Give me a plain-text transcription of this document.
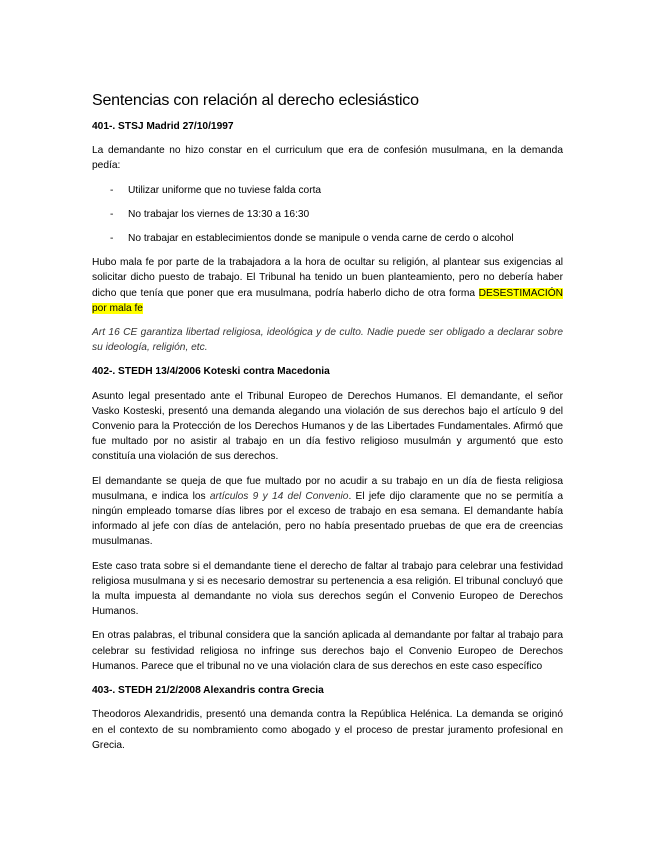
Sentencias con relación al derecho eclesiástico
401-. STSJ Madrid 27/10/1997

La demandante no hizo constar en el curriculum que era de confesión musulmana, en la demanda pedía:

- Utilizar uniforme que no tuviese falda corta
- No trabajar los viernes de 13:30 a 16:30
- No trabajar en establecimientos donde se manipule o venda carne de cerdo o alcohol

Hubo mala fe por parte de la trabajadora a la hora de ocultar su religión, al plantear sus exigencias al solicitar dicho puesto de trabajo. El Tribunal ha tenido un buen planteamiento, pero no debería haber dicho que tenía que poner que era musulmana, podría haberlo dicho de otra forma DESESTIMACIÓN por mala fe

Art 16 CE garantiza libertad religiosa, ideológica y de culto. Nadie puede ser obligado a declarar sobre su ideología, religión, etc.

402-. STEDH 13/4/2006 Koteski contra Macedonia

Asunto legal presentado ante el Tribunal Europeo de Derechos Humanos. El demandante, el señor Vasko Kosteski, presentó una demanda alegando una violación de sus derechos bajo el artículo 9 del Convenio para la Protección de los Derechos Humanos y de las Libertades Fundamentales. Afirmó que fue multado por no asistir al trabajo en un día festivo religioso musulmán y argumentó que esto constituía una violación de sus derechos.

El demandante se queja de que fue multado por no acudir a su trabajo en un día de fiesta religiosa musulmana, e indica los artículos 9 y 14 del Convenio. El jefe dijo claramente que no se permitía a ningún empleado tomarse días libres por el exceso de trabajo en esa semana. El demandante había informado al jefe con días de antelación, pero no había presentado pruebas de que era de creencias musulmanas.

Este caso trata sobre si el demandante tiene el derecho de faltar al trabajo para celebrar una festividad religiosa musulmana y si es necesario demostrar su pertenencia a esa religión. El tribunal concluyó que la multa impuesta al demandante no viola sus derechos según el Convenio Europeo de Derechos Humanos.

En otras palabras, el tribunal considera que la sanción aplicada al demandante por faltar al trabajo para celebrar su festividad religiosa no infringe sus derechos bajo el Convenio Europeo de Derechos Humanos. Parece que el tribunal no ve una violación clara de sus derechos en este caso específico

403-. STEDH 21/2/2008 Alexandris contra Grecia

Theodoros Alexandridis, presentó una demanda contra la República Helénica. La demanda se originó en el contexto de su nombramiento como abogado y el proceso de prestar juramento profesional en Grecia.
